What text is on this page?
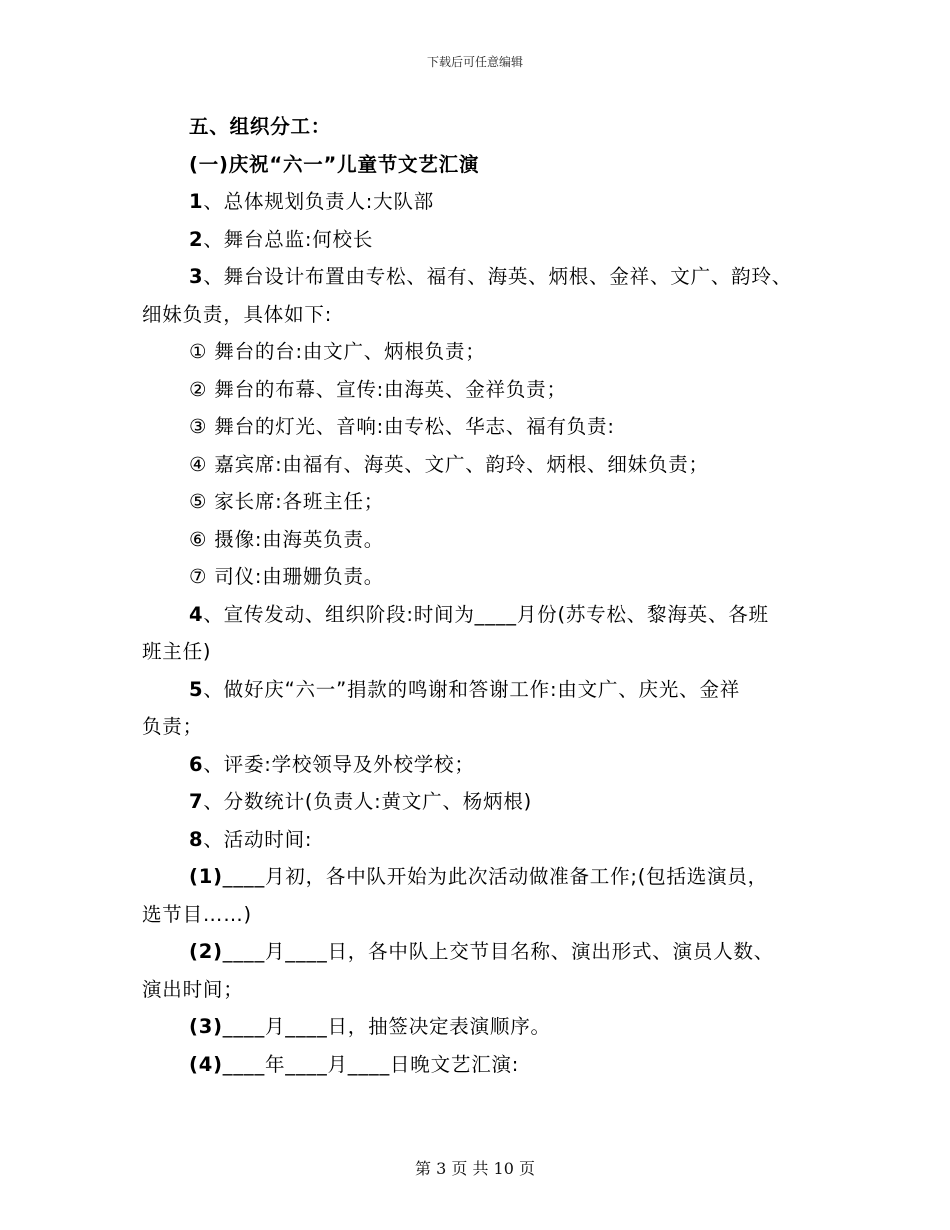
下载后可任意编辑
五、组织分工：
(一)庆祝“六一”儿童节文艺汇演
1、总体规划负责人:大队部
2、舞台总监:何校长
3、舞台设计布置由专松、福有、海英、炳根、金祥、文广、韵玲、
细妹负责，具体如下:
① 舞台的台:由文广、炳根负责；
② 舞台的布幕、宣传:由海英、金祥负责；
③ 舞台的灯光、音响:由专松、华志、福有负责:
④ 嘉宾席:由福有、海英、文广、韵玲、炳根、细妹负责；
⑤ 家长席:各班主任；
⑥ 摄像:由海英负责。
⑦ 司仪:由珊姗负责。
4、宣传发动、组织阶段:时间为____月份(苏专松、黎海英、各班
班主任)
5、做好庆“六一”捐款的鸣谢和答谢工作:由文广、庆光、金祥
负责；
6、评委:学校领导及外校学校；
7、分数统计(负责人:黄文广、杨炳根)
8、活动时间:
(1)____月初，各中队开始为此次活动做准备工作;(包括选演员，
选节目……)
(2)____月____日，各中队上交节目名称、演出形式、演员人数、
演出时间；
(3)____月____日，抽签决定表演顺序。
(4)____年____月____日晚文艺汇演:
第 3 页 共 10 页
